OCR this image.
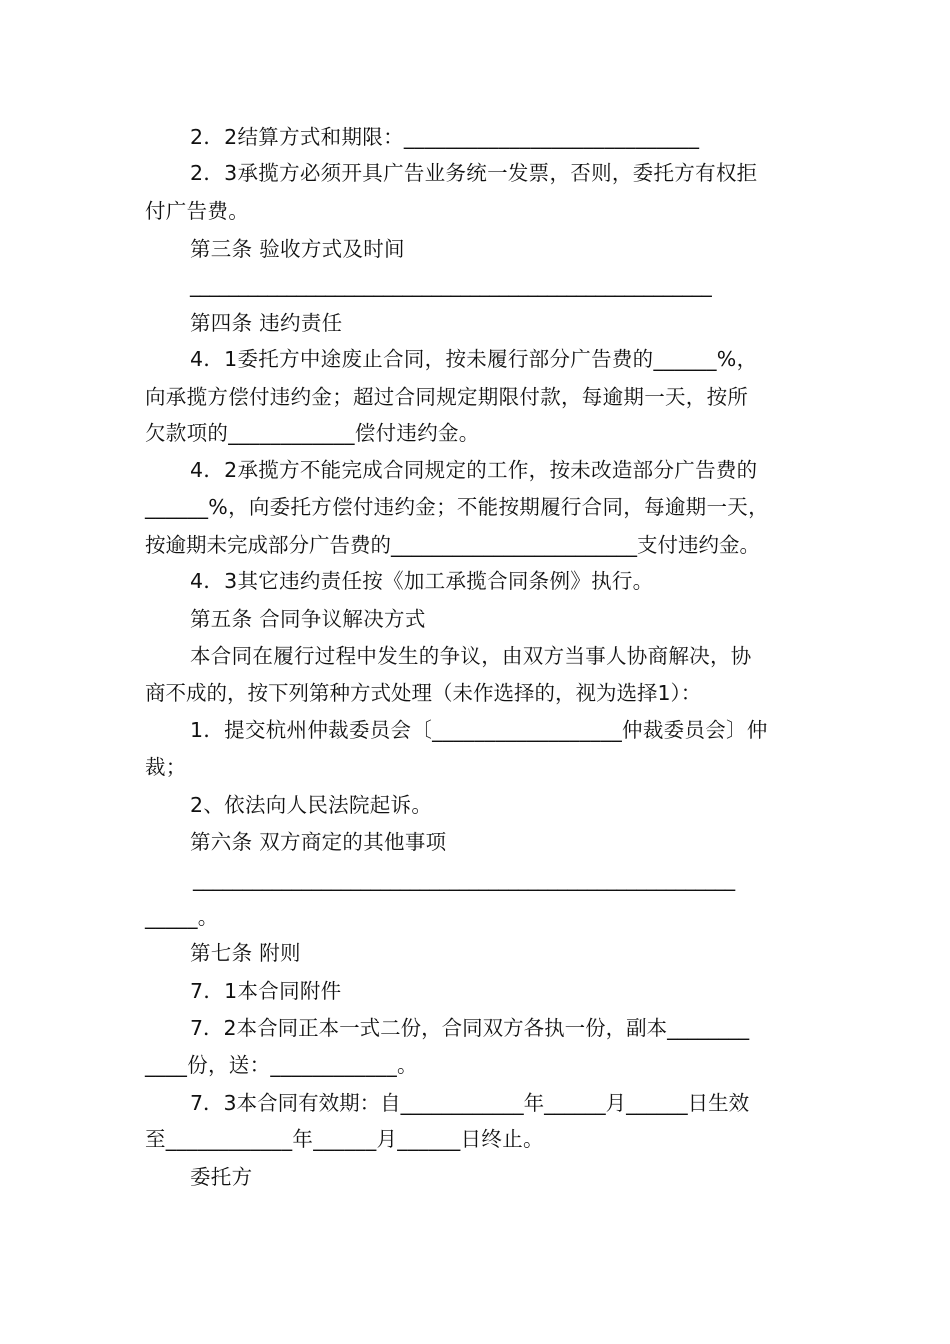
2．2结算方式和期限：____________________________
2．3承揽方必须开具广告业务统一发票，否则，委托方有权拒
付广告费。
第三条 验收方式及时间
______________________________________________________
第四条 违约责任
4．1委托方中途废止合同，按未履行部分广告费的______%，
向承揽方偿付违约金；超过合同规定期限付款，每逾期一天，按所
欠款项的____________偿付违约金。
4．2承揽方不能完成合同规定的工作，按未改造部分广告费的
______%，向委托方偿付违约金；不能按期履行合同，每逾期一天，
按逾期未完成部分广告费的________________________支付违约金。
4．3其它违约责任按《加工承揽合同条例》执行。
第五条 合同争议解决方式
本合同在履行过程中发生的争议，由双方当事人协商解决，协
商不成的，按下列第种方式处理（未作选择的，视为选择1）：
1．提交杭州仲裁委员会〔__________________仲裁委员会〕仲
裁；
2、依法向人民法院起诉。
第六条 双方商定的其他事项
_______________________________________________________
_____。
第七条 附则
7．1本合同附件
7．2本合同正本一式二份，合同双方各执一份，副本________
____份，送：____________。
7．3本合同有效期：自____________年______月______日生效
至____________年______月______日终止。
委托方
